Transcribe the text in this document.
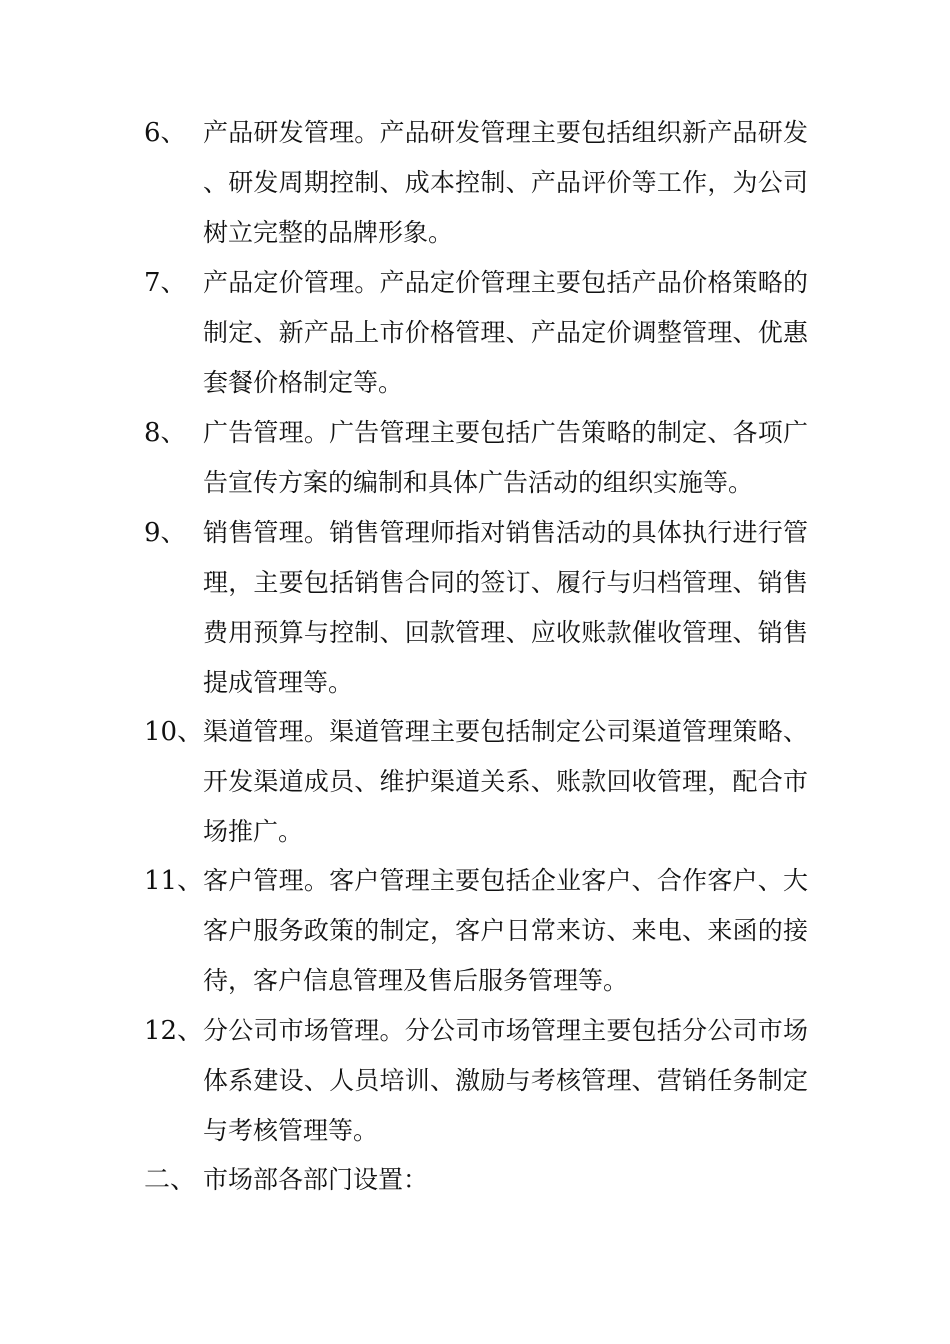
6、 产品研发管理。产品研发管理主要包括组织新产品研发、研发周期控制、成本控制、产品评价等工作，为公司树立完整的品牌形象。
7、 产品定价管理。产品定价管理主要包括产品价格策略的制定、新产品上市价格管理、产品定价调整管理、优惠套餐价格制定等。
8、 广告管理。广告管理主要包括广告策略的制定、各项广告宣传方案的编制和具体广告活动的组织实施等。
9、 销售管理。销售管理师指对销售活动的具体执行进行管理，主要包括销售合同的签订、履行与归档管理、销售费用预算与控制、回款管理、应收账款催收管理、销售提成管理等。
10、 渠道管理。渠道管理主要包括制定公司渠道管理策略、开发渠道成员、维护渠道关系、账款回收管理，配合市场推广。
11、 客户管理。客户管理主要包括企业客户、合作客户、大客户服务政策的制定，客户日常来访、来电、来函的接待，客户信息管理及售后服务管理等。
12、 分公司市场管理。分公司市场管理主要包括分公司市场体系建设、人员培训、激励与考核管理、营销任务制定与考核管理等。
二、 市场部各部门设置：
